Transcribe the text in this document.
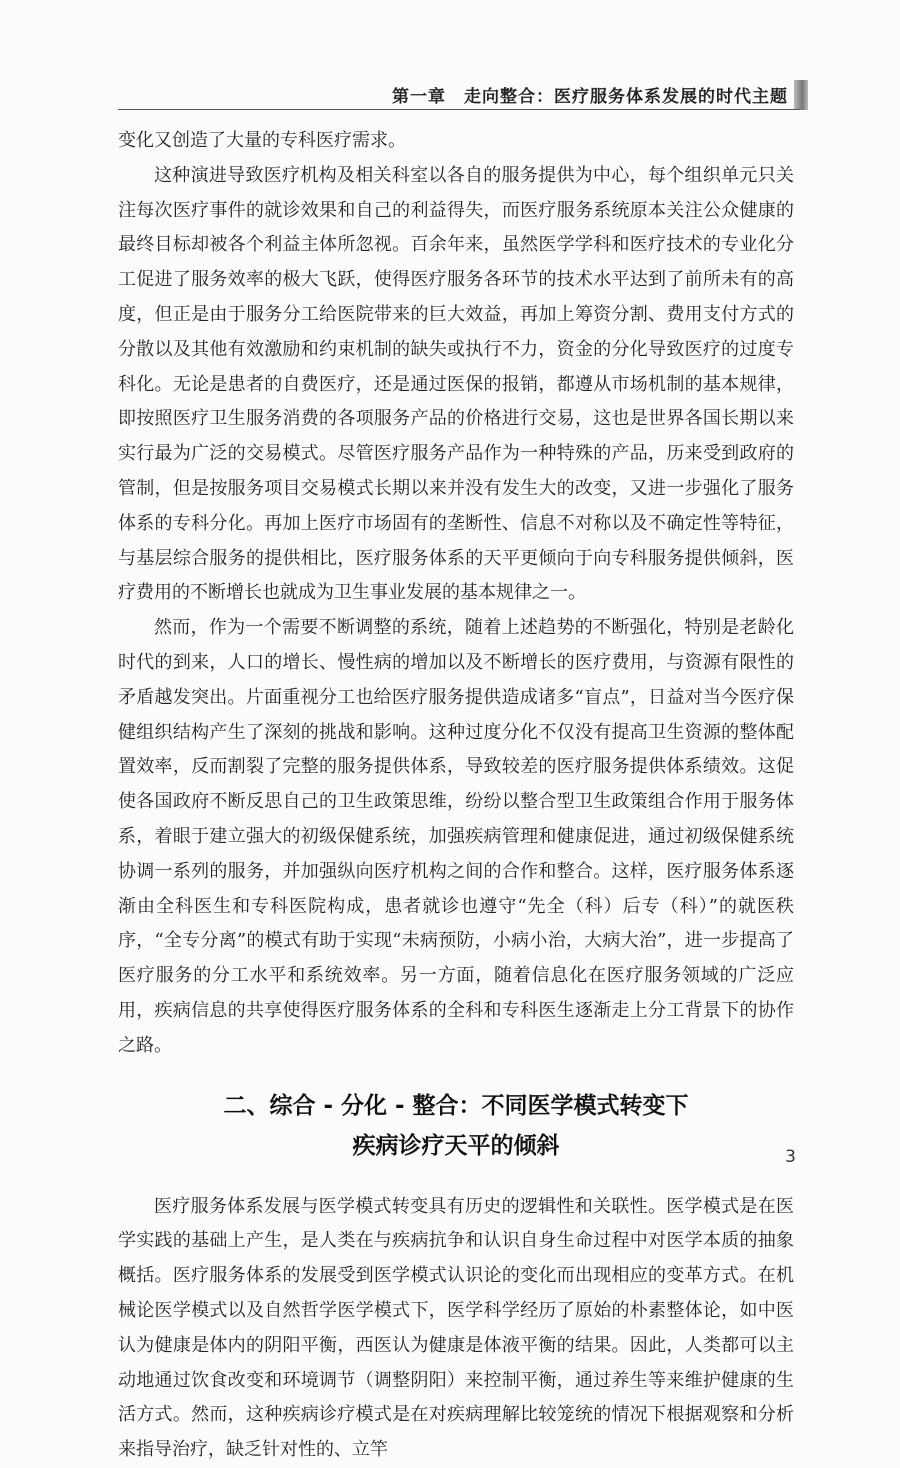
第一章　走向整合：医疗服务体系发展的时代主题

变化又创造了大量的专科医疗需求。

这种演进导致医疗机构及相关科室以各自的服务提供为中心，每个组织单元只关注每次医疗事件的就诊效果和自己的利益得失，而医疗服务系统原本关注公众健康的最终目标却被各个利益主体所忽视。百余年来，虽然医学学科和医疗技术的专业化分工促进了服务效率的极大飞跃，使得医疗服务各环节的技术水平达到了前所未有的高度，但正是由于服务分工给医院带来的巨大效益，再加上筹资分割、费用支付方式的分散以及其他有效激励和约束机制的缺失或执行不力，资金的分化导致医疗的过度专科化。无论是患者的自费医疗，还是通过医保的报销，都遵从市场机制的基本规律，即按照医疗卫生服务消费的各项服务产品的价格进行交易，这也是世界各国长期以来实行最为广泛的交易模式。尽管医疗服务产品作为一种特殊的产品，历来受到政府的管制，但是按服务项目交易模式长期以来并没有发生大的改变，又进一步强化了服务体系的专科分化。再加上医疗市场固有的垄断性、信息不对称以及不确定性等特征，与基层综合服务的提供相比，医疗服务体系的天平更倾向于向专科服务提供倾斜，医疗费用的不断增长也就成为卫生事业发展的基本规律之一。

然而，作为一个需要不断调整的系统，随着上述趋势的不断强化，特别是老龄化时代的到来，人口的增长、慢性病的增加以及不断增长的医疗费用，与资源有限性的矛盾越发突出。片面重视分工也给医疗服务提供造成诸多“盲点”，日益对当今医疗保健组织结构产生了深刻的挑战和影响。这种过度分化不仅没有提高卫生资源的整体配置效率，反而割裂了完整的服务提供体系，导致较差的医疗服务提供体系绩效。这促使各国政府不断反思自己的卫生政策思维，纷纷以整合型卫生政策组合作用于服务体系，着眼于建立强大的初级保健系统，加强疾病管理和健康促进，通过初级保健系统协调一系列的服务，并加强纵向医疗机构之间的合作和整合。这样，医疗服务体系逐渐由全科医生和专科医院构成，患者就诊也遵守“先全（科）后专（科）”的就医秩序，“全专分离”的模式有助于实现“未病预防，小病小治，大病大治”，进一步提高了医疗服务的分工水平和系统效率。另一方面，随着信息化在医疗服务领域的广泛应用，疾病信息的共享使得医疗服务体系的全科和专科医生逐渐走上分工背景下的协作之路。

二、综合 - 分化 - 整合：不同医学模式转变下
疾病诊疗天平的倾斜

医疗服务体系发展与医学模式转变具有历史的逻辑性和关联性。医学模式是在医学实践的基础上产生，是人类在与疾病抗争和认识自身生命过程中对医学本质的抽象概括。医疗服务体系的发展受到医学模式认识论的变化而出现相应的变革方式。在机械论医学模式以及自然哲学医学模式下，医学科学经历了原始的朴素整体论，如中医认为健康是体内的阴阳平衡，西医认为健康是体液平衡的结果。因此，人类都可以主动地通过饮食改变和环境调节（调整阴阳）来控制平衡，通过养生等来维护健康的生活方式。然而，这种疾病诊疗模式是在对疾病理解比较笼统的情况下根据观察和分析来指导治疗，缺乏针对性的、立竿

3
